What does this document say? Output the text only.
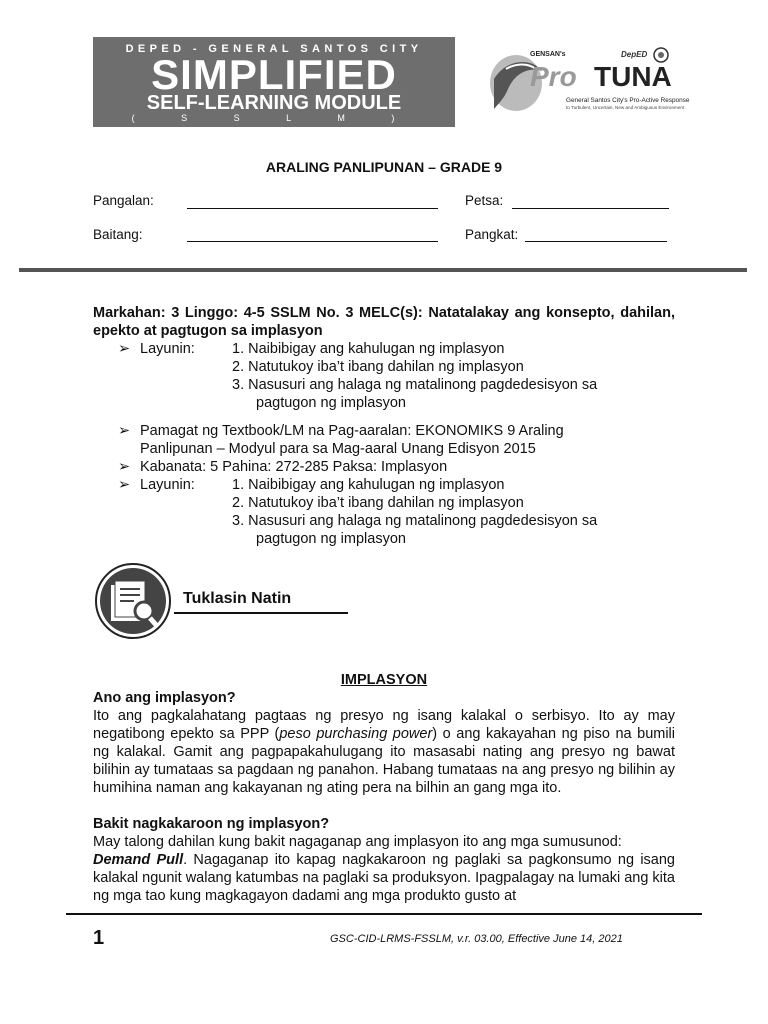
DEPED - GENERAL SANTOS CITY
SIMPLIFIED
SELF-LEARNING MODULE
( S S L M )
GENSAN's	DepED
Pro TUNA
General Santos City's Pro-Active Response
to Turbulent, Uncertain, New and Ambiguous Environment
ARALING PANLIPUNAN – GRADE 9
Pangalan:	Petsa:
Baitang:	Pangkat:
Markahan: 3 Linggo: 4-5 SSLM No. 3 MELC(s): Natatalakay ang konsepto, dahilan, epekto at pagtugon sa implasyon
➢ Layunin:	1. Naibibigay ang kahulugan ng implasyon
2. Natutukoy iba’t ibang dahilan ng implasyon
3. Nasusuri ang halaga ng matalinong pagdedesisyon sa
pagtugon ng implasyon
➢ Pamagat ng Textbook/LM na Pag-aaralan: EKONOMIKS 9 Araling
Panlipunan – Modyul para sa Mag-aaral Unang Edisyon 2015
➢ Kabanata: 5 Pahina: 272-285 Paksa: Implasyon
➢ Layunin:	1. Naibibigay ang kahulugan ng implasyon
2. Natutukoy iba’t ibang dahilan ng implasyon
3. Nasusuri ang halaga ng matalinong pagdedesisyon sa
pagtugon ng implasyon
Tuklasin Natin
IMPLASYON
Ano ang implasyon?
Ito ang pagkalahatang pagtaas ng presyo ng isang kalakal o serbisyo. Ito ay may negatibong epekto sa PPP (peso purchasing power) o ang kakayahan ng piso na bumili ng kalakal. Gamit ang pagpapakahulugang ito masasabi nating ang presyo ng bawat bilihin ay tumataas sa pagdaan ng panahon. Habang tumataas na ang presyo ng bilihin ay humihina naman ang kakayanan ng ating pera na bilhin an gang mga ito.
Bakit nagkakaroon ng implasyon?
May talong dahilan kung bakit nagaganap ang implasyon ito ang mga sumusunod:
Demand Pull. Nagaganap ito kapag nagkakaroon ng paglaki sa pagkonsumo ng isang kalakal ngunit walang katumbas na paglaki sa produksyon. Ipagpalagay na lumaki ang kita ng mga tao kung magkagayon dadami ang mga produkto gusto at
1	GSC-CID-LRMS-FSSLM, v.r. 03.00, Effective June 14, 2021
